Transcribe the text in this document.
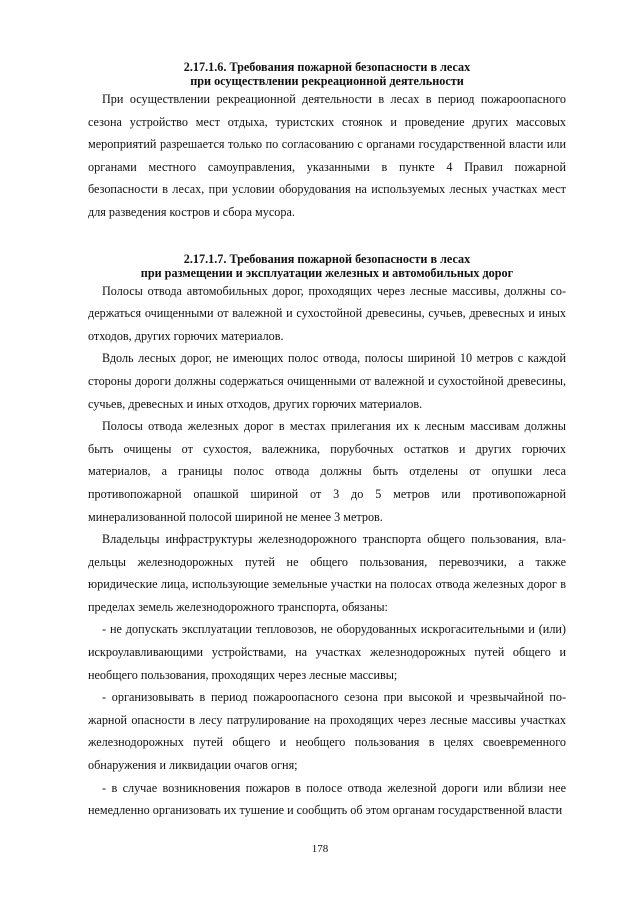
2.17.1.6. Требования пожарной безопасности в лесах
при осуществлении рекреационной деятельности

При осуществлении рекреационной деятельности в лесах в период пожароопасного сезона устройство мест отдыха, туристских стоянок и проведение других массовых мероприятий разрешается только по согласованию с органами государственной власти или органами местного самоуправления, указанными в пункте 4 Правил пожарной безопасности в лесах, при условии оборудования на используемых лесных участках мест для разведения костров и сбора мусора.

2.17.1.7. Требования пожарной безопасности в лесах
при размещении и эксплуатации железных и автомобильных дорог

Полосы отвода автомобильных дорог, проходящих через лесные массивы, должны содержаться очищенными от валежной и сухостойной древесины, сучьев, древесных и иных отходов, других горючих материалов.

Вдоль лесных дорог, не имеющих полос отвода, полосы шириной 10 метров с каждой стороны дороги должны содержаться очищенными от валежной и сухостойной древесины, сучьев, древесных и иных отходов, других горючих материалов.

Полосы отвода железных дорог в местах прилегания их к лесным массивам должны быть очищены от сухостоя, валежника, порубочных остатков и других горючих материалов, а границы полос отвода должны быть отделены от опушки леса противопожарной опашкой шириной от 3 до 5 метров или противопожарной минерализованной полосой шириной не менее 3 метров.

Владельцы инфраструктуры железнодорожного транспорта общего пользования, владельцы железнодорожных путей не общего пользования, перевозчики, а также юридические лица, использующие земельные участки на полосах отвода железных дорог в пределах земель железнодорожного транспорта, обязаны:

- не допускать эксплуатации тепловозов, не оборудованных искрогасительными и (или) искроулавливающими устройствами, на участках железнодорожных путей общего и необщего пользования, проходящих через лесные массивы;

- организовывать в период пожароопасного сезона при высокой и чрезвычайной пожарной опасности в лесу патрулирование на проходящих через лесные массивы участках железнодорожных путей общего и необщего пользования в целях своевременного обнаружения и ликвидации очагов огня;

- в случае возникновения пожаров в полосе отвода железной дороги или вблизи нее немедленно организовать их тушение и сообщить об этом органам государственной власти

178
